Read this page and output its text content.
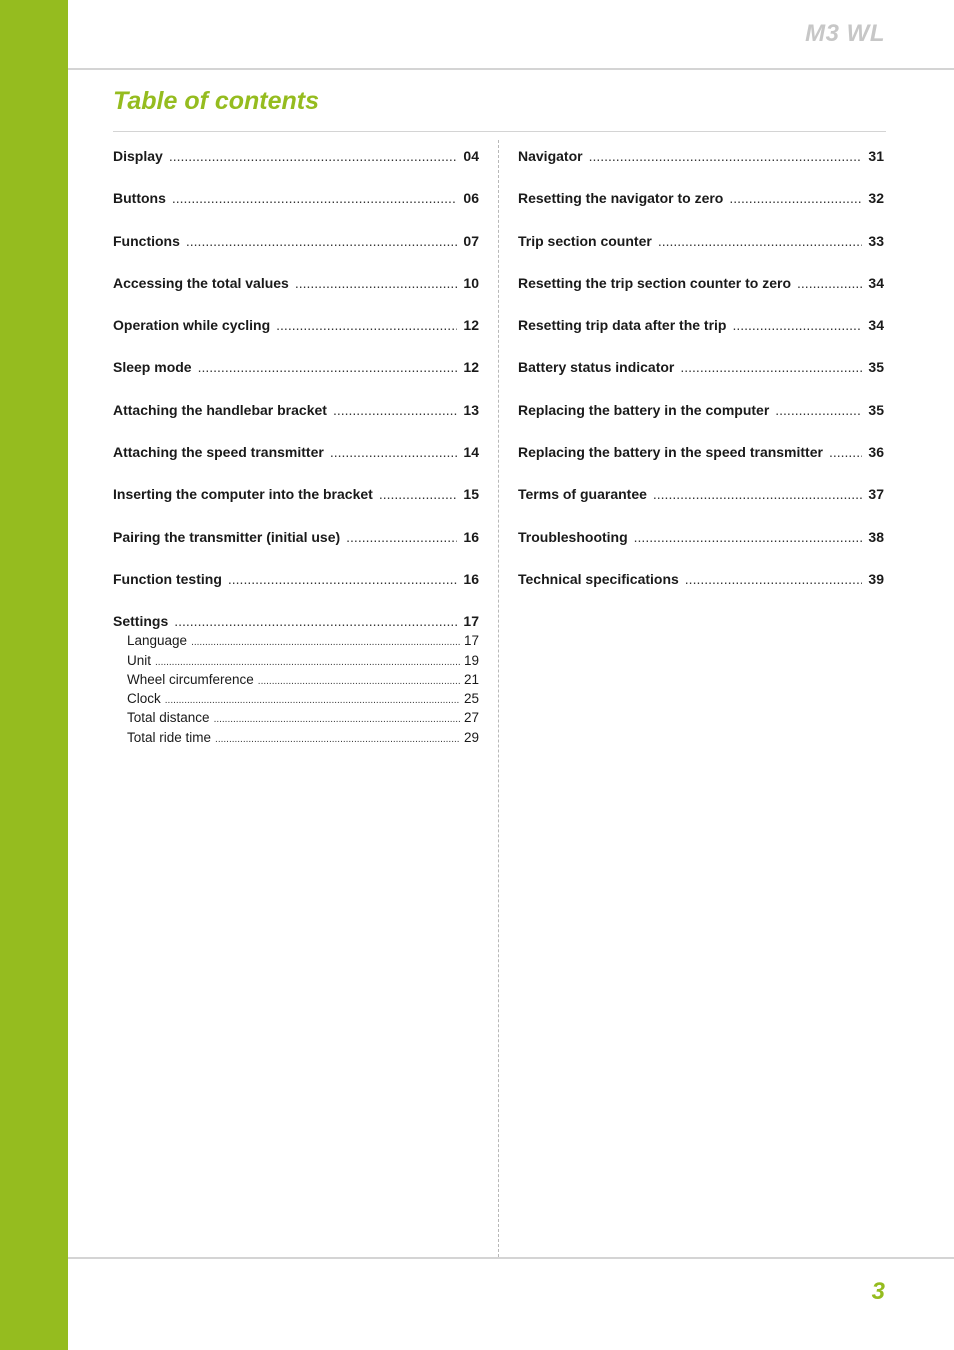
M3 WL
Table of contents
Display .....	04
Buttons .....	06
Functions .....	07
Accessing the total values .....	10
Operation while cycling .....	12
Sleep mode .....	12
Attaching the handlebar bracket .....	13
Attaching the speed transmitter .....	14
Inserting the computer into the bracket .....	15
Pairing the transmitter (initial use) .....	16
Function testing .....	16
Settings .....	17
Language .....	17
Unit .....	19
Wheel circumference .....	21
Clock .....	25
Total distance .....	27
Total ride time .....	29
Navigator .....	31
Resetting the navigator to zero .....	32
Trip section counter .....	33
Resetting the trip section counter to zero .....	34
Resetting trip data after the trip .....	34
Battery status indicator .....	35
Replacing the battery in the computer .....	35
Replacing the battery in the speed transmitter .....	36
Terms of guarantee .....	37
Troubleshooting .....	38
Technical specifications .....	39
3
